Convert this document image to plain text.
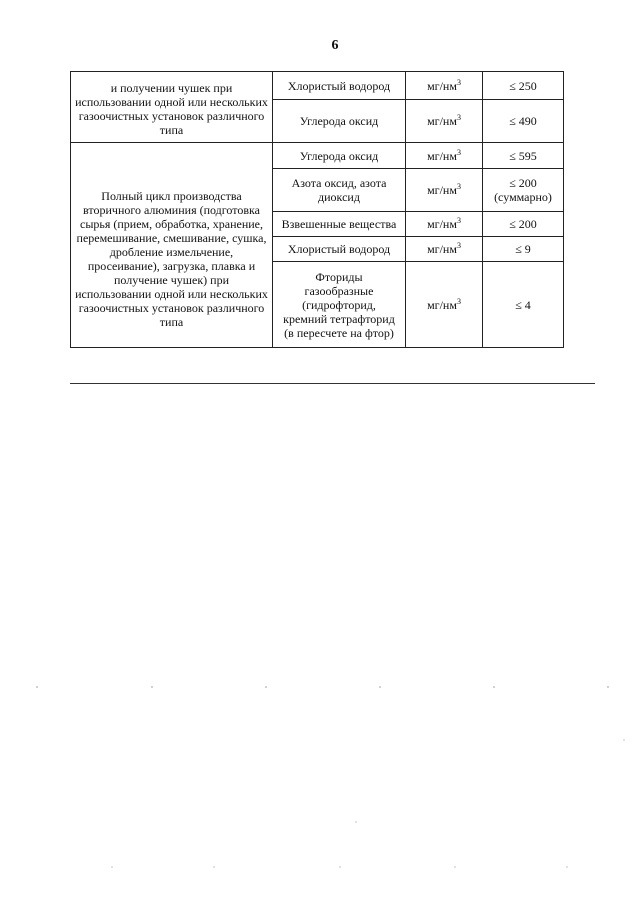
6
и получении чушек при использовании одной или нескольких газоочистных установок различного типа	Хлористый водород	$мг/нм^3$	≤ 250
	Углерода оксид	$мг/нм^3$	≤ 490
Полный цикл производства вторичного алюминия (подготовка сырья (прием, обработка, хранение, перемешивание, смешивание, сушка, дробление измельчение, просеивание), загрузка, плавка и получение чушек) при использовании одной или нескольких газоочистных установок различного типа	Углерода оксид	$мг/нм^3$	≤ 595
	Азота оксид, азота диоксид	$мг/нм^3$	≤ 200 (суммарно)
	Взвешенные вещества	$мг/нм^3$	≤ 200
	Хлористый водород	$мг/нм^3$	≤ 9
	Фториды газообразные (гидрофторид, кремний тетрафторид (в пересчете на фтор)	$мг/нм^3$	≤ 4
